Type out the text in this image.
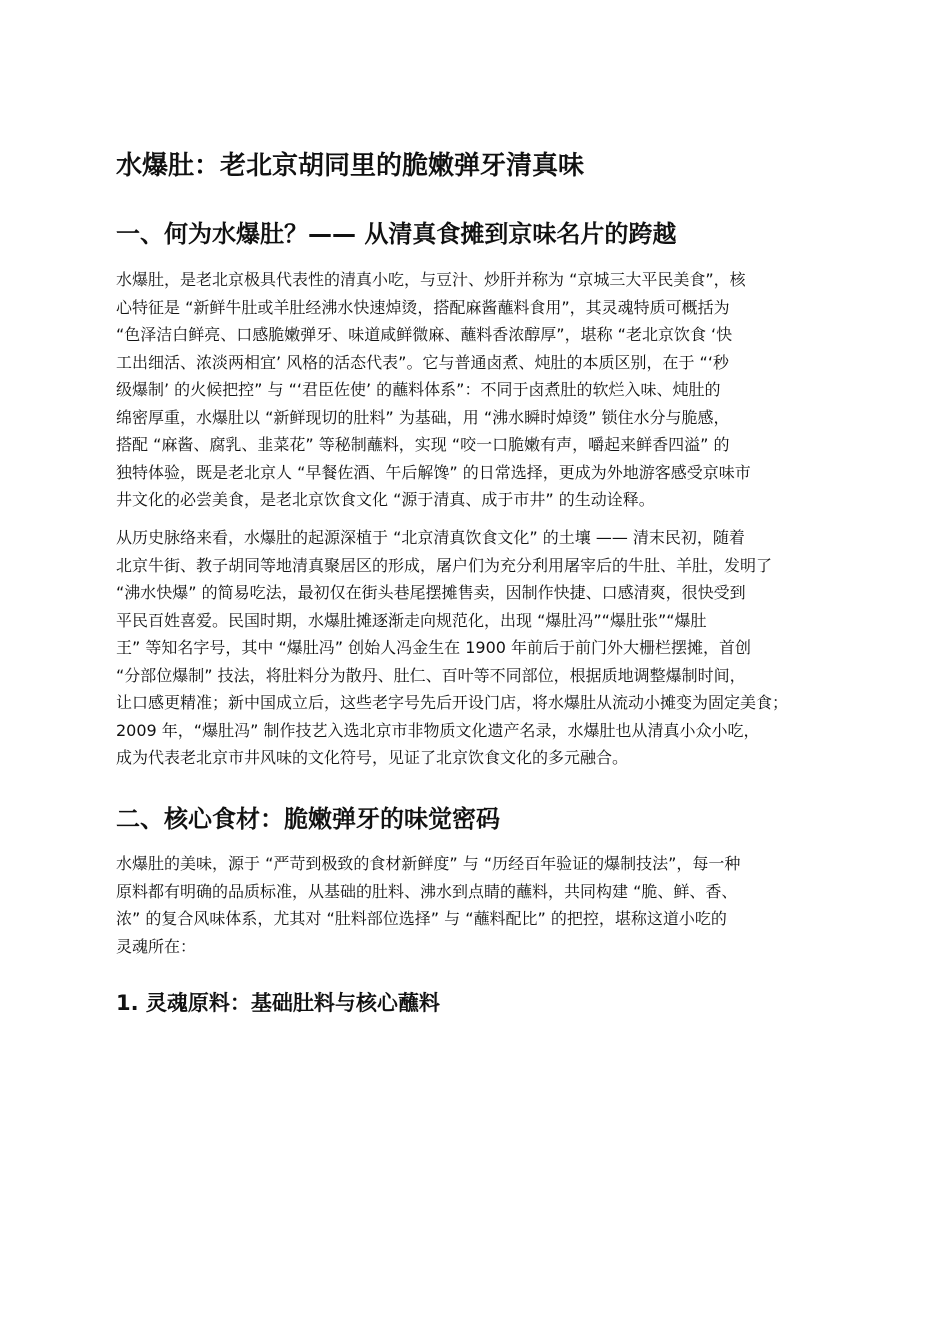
水爆肚：老北京胡同里的脆嫩弹牙清真味
一、何为水爆肚？—— 从清真食摊到京味名片的跨越
水爆肚，是老北京极具代表性的清真小吃，与豆汁、炒肝并称为 “京城三大平民美食”，核
心特征是 “新鲜牛肚或羊肚经沸水快速焯烫，搭配麻酱蘸料食用”，其灵魂特质可概括为
“色泽洁白鲜亮、口感脆嫩弹牙、味道咸鲜微麻、蘸料香浓醇厚”，堪称 “老北京饮食 ‘快
工出细活、浓淡两相宜’ 风格的活态代表”。它与普通卤煮、炖肚的本质区别，在于 “‘秒
级爆制’ 的火候把控” 与 “‘君臣佐使’ 的蘸料体系”：不同于卤煮肚的软烂入味、炖肚的
绵密厚重，水爆肚以 “新鲜现切的肚料” 为基础，用 “沸水瞬时焯烫” 锁住水分与脆感，
搭配 “麻酱、腐乳、韭菜花” 等秘制蘸料，实现 “咬一口脆嫩有声，嚼起来鲜香四溢” 的
独特体验，既是老北京人 “早餐佐酒、午后解馋” 的日常选择，更成为外地游客感受京味市
井文化的必尝美食，是老北京饮食文化 “源于清真、成于市井” 的生动诠释。
从历史脉络来看，水爆肚的起源深植于 “北京清真饮食文化” 的土壤 —— 清末民初，随着
北京牛街、教子胡同等地清真聚居区的形成，屠户们为充分利用屠宰后的牛肚、羊肚，发明了
“沸水快爆” 的简易吃法，最初仅在街头巷尾摆摊售卖，因制作快捷、口感清爽，很快受到
平民百姓喜爱。民国时期，水爆肚摊逐渐走向规范化，出现 “爆肚冯”“爆肚张”“爆肚
王” 等知名字号，其中 “爆肚冯” 创始人冯金生在 1900 年前后于前门外大栅栏摆摊，首创
“分部位爆制” 技法，将肚料分为散丹、肚仁、百叶等不同部位，根据质地调整爆制时间，
让口感更精准；新中国成立后，这些老字号先后开设门店，将水爆肚从流动小摊变为固定美食；
2009 年，“爆肚冯” 制作技艺入选北京市非物质文化遗产名录，水爆肚也从清真小众小吃，
成为代表老北京市井风味的文化符号，见证了北京饮食文化的多元融合。
二、核心食材：脆嫩弹牙的味觉密码
水爆肚的美味，源于 “严苛到极致的食材新鲜度” 与 “历经百年验证的爆制技法”，每一种
原料都有明确的品质标准，从基础的肚料、沸水到点睛的蘸料，共同构建 “脆、鲜、香、
浓” 的复合风味体系，尤其对 “肚料部位选择” 与 “蘸料配比” 的把控，堪称这道小吃的
灵魂所在：
1. 灵魂原料：基础肚料与核心蘸料
